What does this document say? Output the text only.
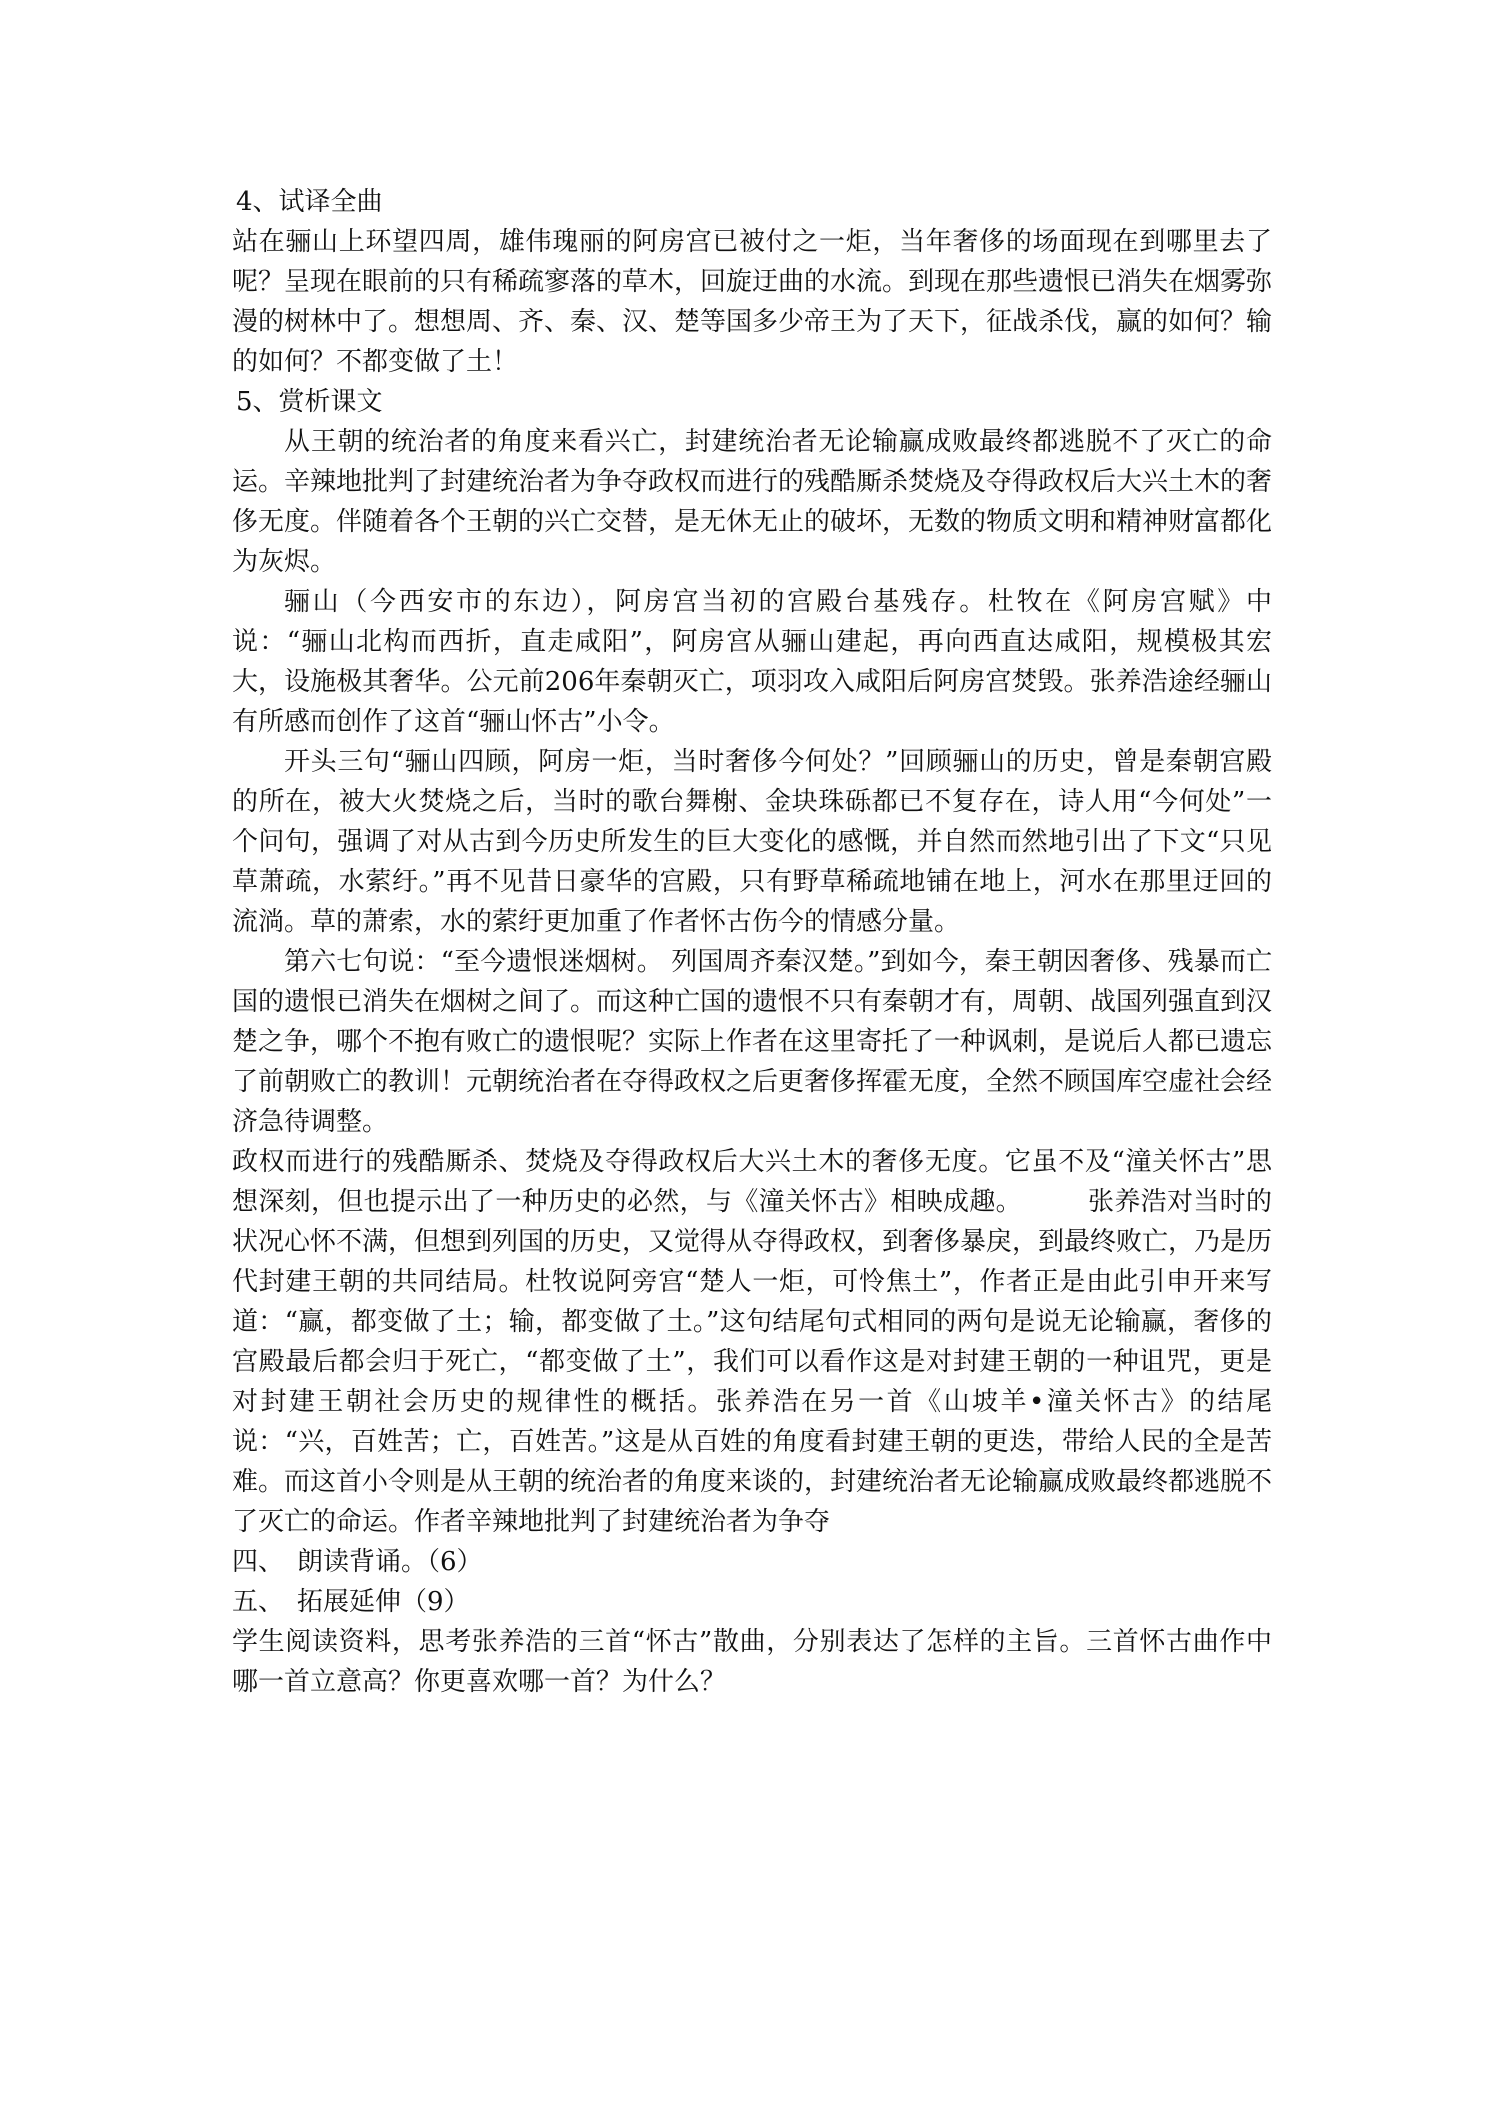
4、试译全曲

站在骊山上环望四周，雄伟瑰丽的阿房宫已被付之一炬，当年奢侈的场面现在到哪里去了呢？呈现在眼前的只有稀疏寥落的草木，回旋迂曲的水流。到现在那些遗恨已消失在烟雾弥漫的树林中了。想想周、齐、秦、汉、楚等国多少帝王为了天下，征战杀伐，赢的如何？输的如何？不都变做了土！

5、赏析课文

从王朝的统治者的角度来看兴亡，封建统治者无论输赢成败最终都逃脱不了灭亡的命运。辛辣地批判了封建统治者为争夺政权而进行的残酷厮杀焚烧及夺得政权后大兴土木的奢侈无度。伴随着各个王朝的兴亡交替，是无休无止的破坏，无数的物质文明和精神财富都化为灰烬。

骊山（今西安市的东边），阿房宫当初的宫殿台基残存。杜牧在《阿房宫赋》中说：“骊山北构而西折，直走咸阳”，阿房宫从骊山建起，再向西直达咸阳，规模极其宏大，设施极其奢华。公元前206年秦朝灭亡，项羽攻入咸阳后阿房宫焚毁。张养浩途经骊山有所感而创作了这首“骊山怀古”小令。

开头三句“骊山四顾，阿房一炬，当时奢侈今何处？”回顾骊山的历史，曾是秦朝宫殿的所在，被大火焚烧之后，当时的歌台舞榭、金块珠砾都已不复存在，诗人用“今何处”一个问句，强调了对从古到今历史所发生的巨大变化的感慨，并自然而然地引出了下文“只见草萧疏，水萦纡。”再不见昔日豪华的宫殿，只有野草稀疏地铺在地上，河水在那里迂回的流淌。草的萧索，水的萦纡更加重了作者怀古伤今的情感分量。

第六七句说：“至今遗恨迷烟树。 列国周齐秦汉楚。”到如今，秦王朝因奢侈、残暴而亡国的遗恨已消失在烟树之间了。而这种亡国的遗恨不只有秦朝才有，周朝、战国列强直到汉楚之争，哪个不抱有败亡的遗恨呢？实际上作者在这里寄托了一种讽刺，是说后人都已遗忘了前朝败亡的教训！元朝统治者在夺得政权之后更奢侈挥霍无度，全然不顾国库空虚社会经济急待调整。

政权而进行的残酷厮杀、焚烧及夺得政权后大兴土木的奢侈无度。它虽不及“潼关怀古”思想深刻，但也提示出了一种历史的必然，与《潼关怀古》相映成趣。　　　张养浩对当时的状况心怀不满，但想到列国的历史，又觉得从夺得政权，到奢侈暴戾，到最终败亡，乃是历代封建王朝的共同结局。杜牧说阿旁宫“楚人一炬，可怜焦土”，作者正是由此引申开来写道：“赢，都变做了土；输，都变做了土。”这句结尾句式相同的两句是说无论输赢，奢侈的宫殿最后都会归于死亡，“都变做了土”，我们可以看作这是对封建王朝的一种诅咒，更是对封建王朝社会历史的规律性的概括。张养浩在另一首《山坡羊•潼关怀古》的结尾说：“兴，百姓苦；亡，百姓苦。”这是从百姓的角度看封建王朝的更迭，带给人民的全是苦难。而这首小令则是从王朝的统治者的角度来谈的，封建统治者无论输赢成败最终都逃脱不了灭亡的命运。作者辛辣地批判了封建统治者为争夺

四、　朗读背诵。（6）
五、　拓展延伸（9）

学生阅读资料，思考张养浩的三首“怀古”散曲，分别表达了怎样的主旨。三首怀古曲作中哪一首立意高？你更喜欢哪一首？为什么？
